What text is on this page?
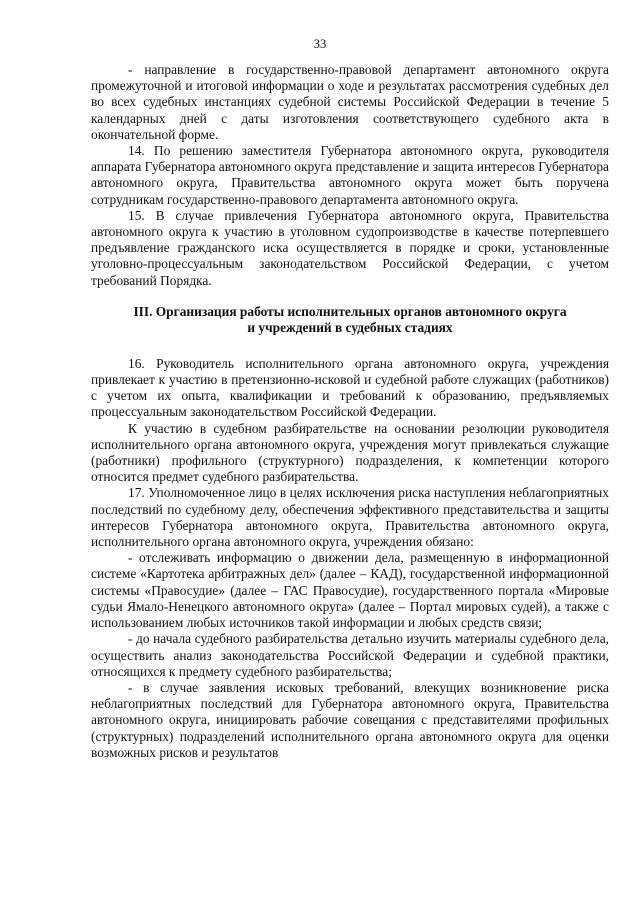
33

- направление в государственно-правовой департамент автономного округа промежуточной и итоговой информации о ходе и результатах рассмотрения судебных дел во всех судебных инстанциях судебной системы Российской Федерации в течение 5 календарных дней с даты изготовления соответствующего судебного акта в окончательной форме.

14. По решению заместителя Губернатора автономного округа, руководителя аппарата Губернатора автономного округа представление и защита интересов Губернатора автономного округа, Правительства автономного округа может быть поручена сотрудникам государственно-правового департамента автономного округа.

15. В случае привлечения Губернатора автономного округа, Правительства автономного округа к участию в уголовном судопроизводстве в качестве потерпевшего предъявление гражданского иска осуществляется в порядке и сроки, установленные уголовно-процессуальным законодательством Российской Федерации, с учетом требований Порядка.

III. Организация работы исполнительных органов автономного округа
и учреждений в судебных стадиях

16. Руководитель исполнительного органа автономного округа, учреждения привлекает к участию в претензионно-исковой и судебной работе служащих (работников) с учетом их опыта, квалификации и требований к образованию, предъявляемых процессуальным законодательством Российской Федерации.

К участию в судебном разбирательстве на основании резолюции руководителя исполнительного органа автономного округа, учреждения могут привлекаться служащие (работники) профильного (структурного) подразделения, к компетенции которого относится предмет судебного разбирательства.

17. Уполномоченное лицо в целях исключения риска наступления неблагоприятных последствий по судебному делу, обеспечения эффективного представительства и защиты интересов Губернатора автономного округа, Правительства автономного округа, исполнительного органа автономного округа, учреждения обязано:

- отслеживать информацию о движении дела, размещенную в информационной системе «Картотека арбитражных дел» (далее – КАД), государственной информационной системы «Правосудие» (далее – ГАС Правосудие), государственного портала «Мировые судьи Ямало-Ненецкого автономного округа» (далее – Портал мировых судей), а также с использованием любых источников такой информации и любых средств связи;

- до начала судебного разбирательства детально изучить материалы судебного дела, осуществить анализ законодательства Российской Федерации и судебной практики, относящихся к предмету судебного разбирательства;

- в случае заявления исковых требований, влекущих возникновение риска неблагоприятных последствий для Губернатора автономного округа, Правительства автономного округа, инициировать рабочие совещания с представителями профильных (структурных) подразделений исполнительного органа автономного округа для оценки возможных рисков и результатов
